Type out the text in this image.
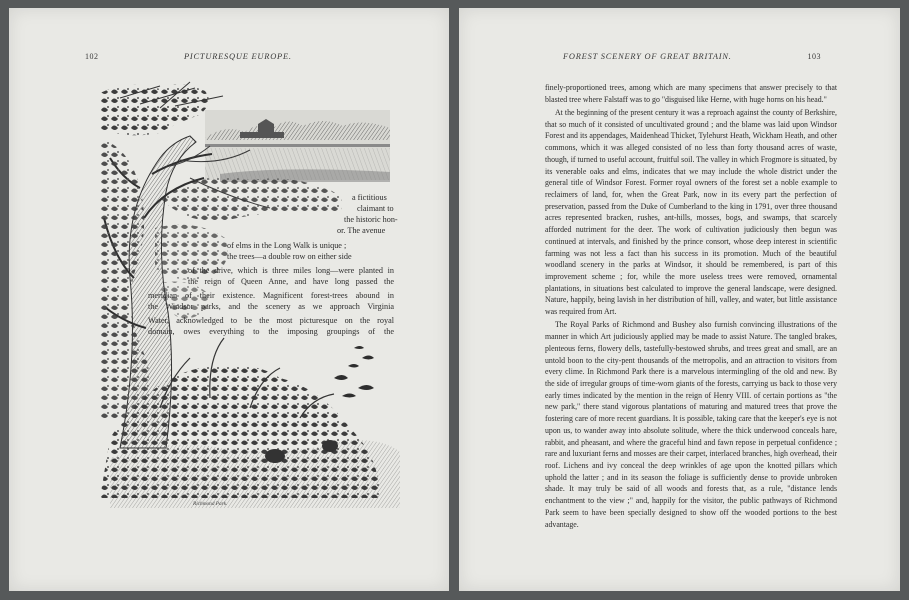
102	PICTURESQUE EUROPE.
Richmond Park.
a fictitious
claimant to
the historic hon-
or. The avenue
of elms in the Long Walk is unique ;
the trees—a double row on either side
of the drive, which is three miles long—were planted in
the reign of Queen Anne, and have long passed the
meridian of their existence. Magnificent forest-trees abound in
the Windsor parks, and the scenery as we approach Virginia
Water, acknowledged to be the most picturesque on the royal
domain, owes everything to the imposing groupings of the
FOREST SCENERY OF GREAT BRITAIN.	103

finely-proportioned trees, among which are many specimens that answer precisely to that blasted tree where Falstaff was to go "disguised like Herne, with huge horns on his head."

At the beginning of the present century it was a reproach against the county of Berkshire, that so much of it consisted of uncultivated ground ; and the blame was laid upon Windsor Forest and its appendages, Maidenhead Thicket, Tylehurst Heath, Wickham Heath, and other commons, which it was alleged consisted of no less than forty thousand acres of waste, though, if turned to useful account, fruitful soil. The valley in which Frogmore is situated, by its venerable oaks and elms, indicates that we may include the whole district under the general title of Windsor Forest. Former royal owners of the forest set a noble example to reclaimers of land, for, when the Great Park, now in its every part the perfection of preservation, passed from the Duke of Cumberland to the king in 1791, over three thousand acres represented bracken, rushes, ant-hills, mosses, bogs, and swamps, that scarcely afforded nutriment for the deer. The work of cultivation judiciously then begun was continued at intervals, and finished by the prince consort, whose deep interest in scientific farming was not less a fact than his success in its promotion. Much of the beautiful woodland scenery in the parks at Windsor, it should be remembered, is part of this improvement scheme ; for, while the more useless trees were removed, ornamental plantations, in situations best calculated to improve the general landscape, were designed. Nature, happily, being lavish in her distribution of hill, valley, and water, but little assistance was required from Art.

The Royal Parks of Richmond and Bushey also furnish convincing illustrations of the manner in which Art judiciously applied may be made to assist Nature. The tangled brakes, plenteous ferns, flowery dells, tastefully-bestowed shrubs, and trees great and small, are an untold boon to the city-pent thousands of the metropolis, and an attraction to visitors from every clime. In Richmond Park there is a marvelous intermingling of the old and new. By the side of irregular groups of time-worn giants of the forests, carrying us back to those very early times indicated by the mention in the reign of Henry VIII. of certain portions as "the new park," there stand vigorous plantations of maturing and matured trees that prove the fostering care of more recent guardians. It is possible, taking care that the keeper's eye is not upon us, to wander away into absolute solitude, where the thick underwood conceals hare, rabbit, and pheasant, and where the graceful hind and fawn repose in perpetual confidence ; rare and luxuriant ferns and mosses are their carpet, interlaced branches, high overhead, their roof. Lichens and ivy conceal the deep wrinkles of age upon the knotted pillars which uphold the latter ; and in its season the foliage is sufficiently dense to provide unbroken shade. It may truly be said of all woods and forests that, as a rule, "distance lends enchantment to the view ;" and, happily for the visitor, the public pathways of Richmond Park seem to have been specially designed to show off the wooded portions to the best advantage.
